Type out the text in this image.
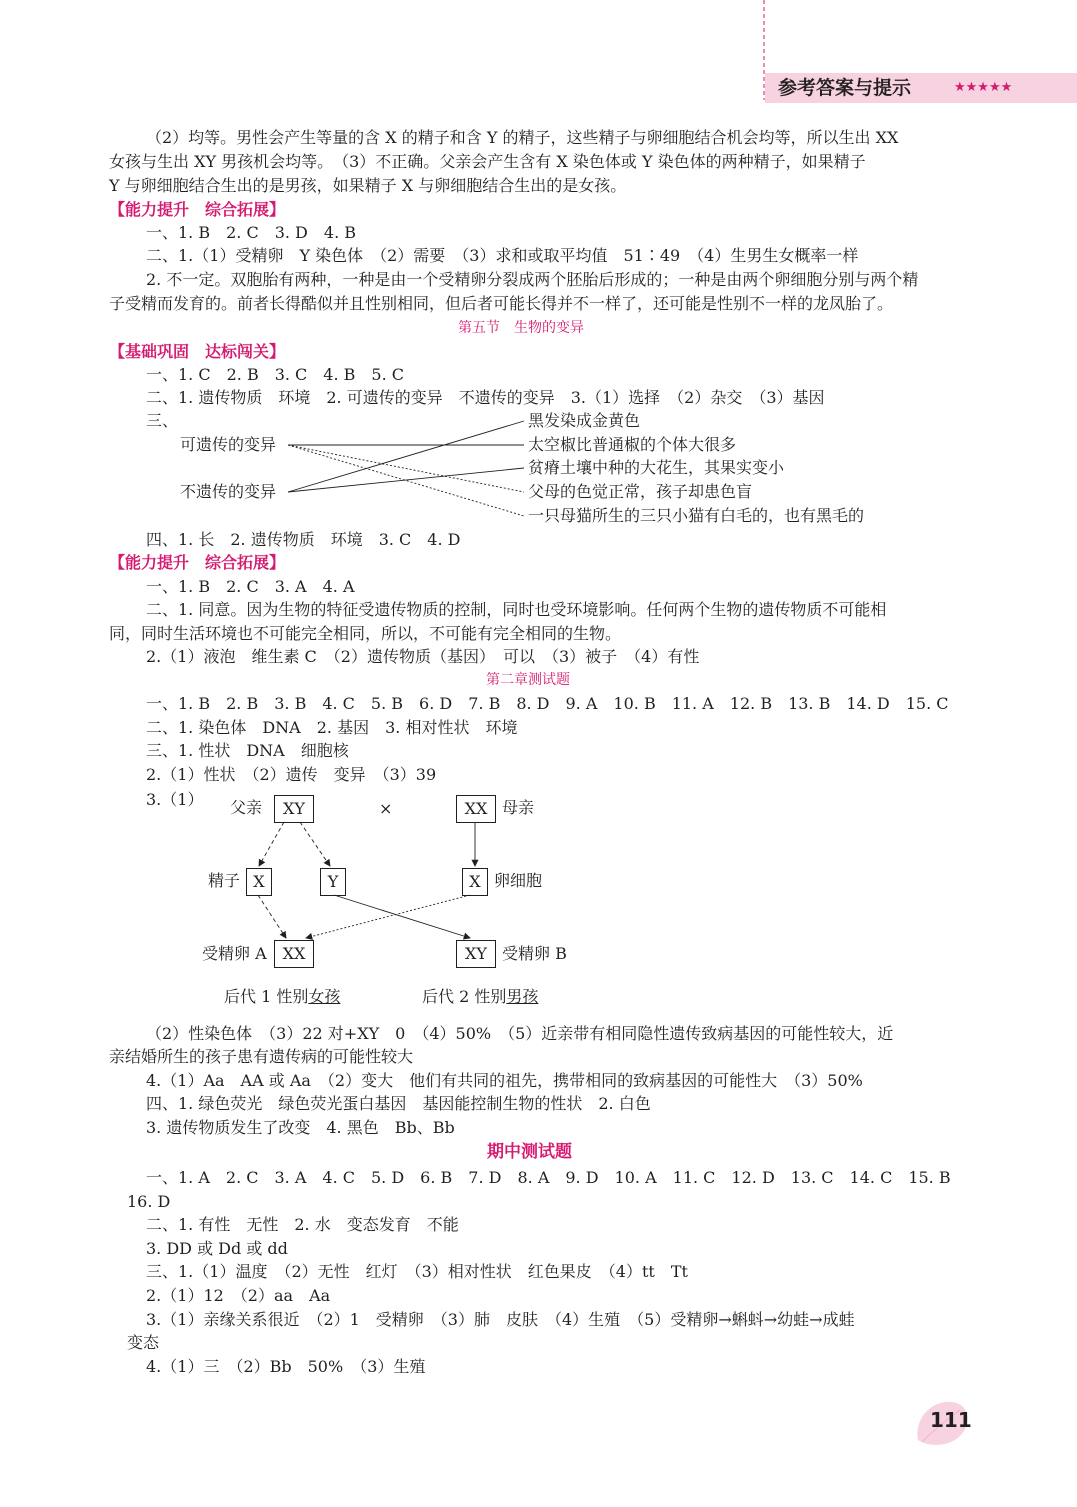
参考答案与提示	★★★★★
（2）均等。男性会产生等量的含 X 的精子和含 Y 的精子，这些精子与卵细胞结合机会均等，所以生出 XX
女孩与生出 XY 男孩机会均等。　（3）不正确。父亲会产生含有 X 染色体或 Y 染色体的两种精子，如果精子
Y 与卵细胞结合生出的是男孩，如果精子 X 与卵细胞结合生出的是女孩。
【能力提升　综合拓展】
一、1. B　2. C　3. D　4. B
二、1.（1）受精卵　Y 染色体　（2）需要　（3）求和或取平均值　51∶49　（4）生男生女概率一样
2. 不一定。双胞胎有两种，一种是由一个受精卵分裂成两个胚胎后形成的；一种是由两个卵细胞分别与两个精
子受精而发育的。前者长得酷似并且性别相同，但后者可能长得并不一样了，还可能是性别不一样的龙凤胎了。
第五节　生物的变异
【基础巩固　达标闯关】
一、1. C　2. B　3. C　4. B　5. C
二、1. 遗传物质　环境　2. 可遗传的变异　不遗传的变异　3.（1）选择　（2）杂交　（3）基因
三、
可遗传的变异
不遗传的变异
黑发染成金黄色
太空椒比普通椒的个体大很多
贫瘠土壤中种的大花生，其果实变小
父母的色觉正常，孩子却患色盲
一只母猫所生的三只小猫有白毛的，也有黑毛的
四、1. 长　2. 遗传物质　环境　3. C　4. D
【能力提升　综合拓展】
一、1. B　2. C　3. A　4. A
二、1. 同意。因为生物的特征受遗传物质的控制，同时也受环境影响。任何两个生物的遗传物质不可能相
同，同时生活环境也不可能完全相同，所以，不可能有完全相同的生物。
2.（1）液泡　维生素 C　（2）遗传物质（基因）　可以　（3）被子　（4）有性
第二章测试题
一、1. B　2. B　3. B　4. C　5. B　6. D　7. B　8. D　9. A　10. B　11. A　12. B　13. B　14. D　15. C
二、1. 染色体　DNA　2. 基因　3. 相对性状　环境
三、1. 性状　DNA　细胞核
2.（1）性状　（2）遗传　变异　（3）39
3.（1） 父亲	XY	×	XX 母亲
精子 X	Y	X 卵细胞
受精卵 A XX	XY 受精卵 B
后代 1 性别女孩	后代 2 性别男孩
（2）性染色体　（3）22 对+XY　0　（4）50%　（5）近亲带有相同隐性遗传致病基因的可能性较大，近
亲结婚所生的孩子患有遗传病的可能性较大
4.（1）Aa　AA 或 Aa　（2）变大　他们有共同的祖先，携带相同的致病基因的可能性大　（3）50%
四、1. 绿色荧光　绿色荧光蛋白基因　基因能控制生物的性状　2. 白色
3. 遗传物质发生了改变　4. 黑色　Bb、Bb
期中测试题
一、1. A　2. C　3. A　4. C　5. D　6. B　7. D　8. A　9. D　10. A　11. C　12. D　13. C　14. C　15. B
16. D
二、1. 有性　无性　2. 水　变态发育　不能
3. DD 或 Dd 或 dd
三、1.（1）温度　（2）无性　红灯　（3）相对性状　红色果皮　（4）tt　Tt
2.（1）12　（2）aa　Aa
3.（1）亲缘关系很近　（2）1　受精卵　（3）肺　皮肤　（4）生殖　（5）受精卵→蝌蚪→幼蛙→成蛙
变态
4.（1）三　（2）Bb　50%　（3）生殖
111
